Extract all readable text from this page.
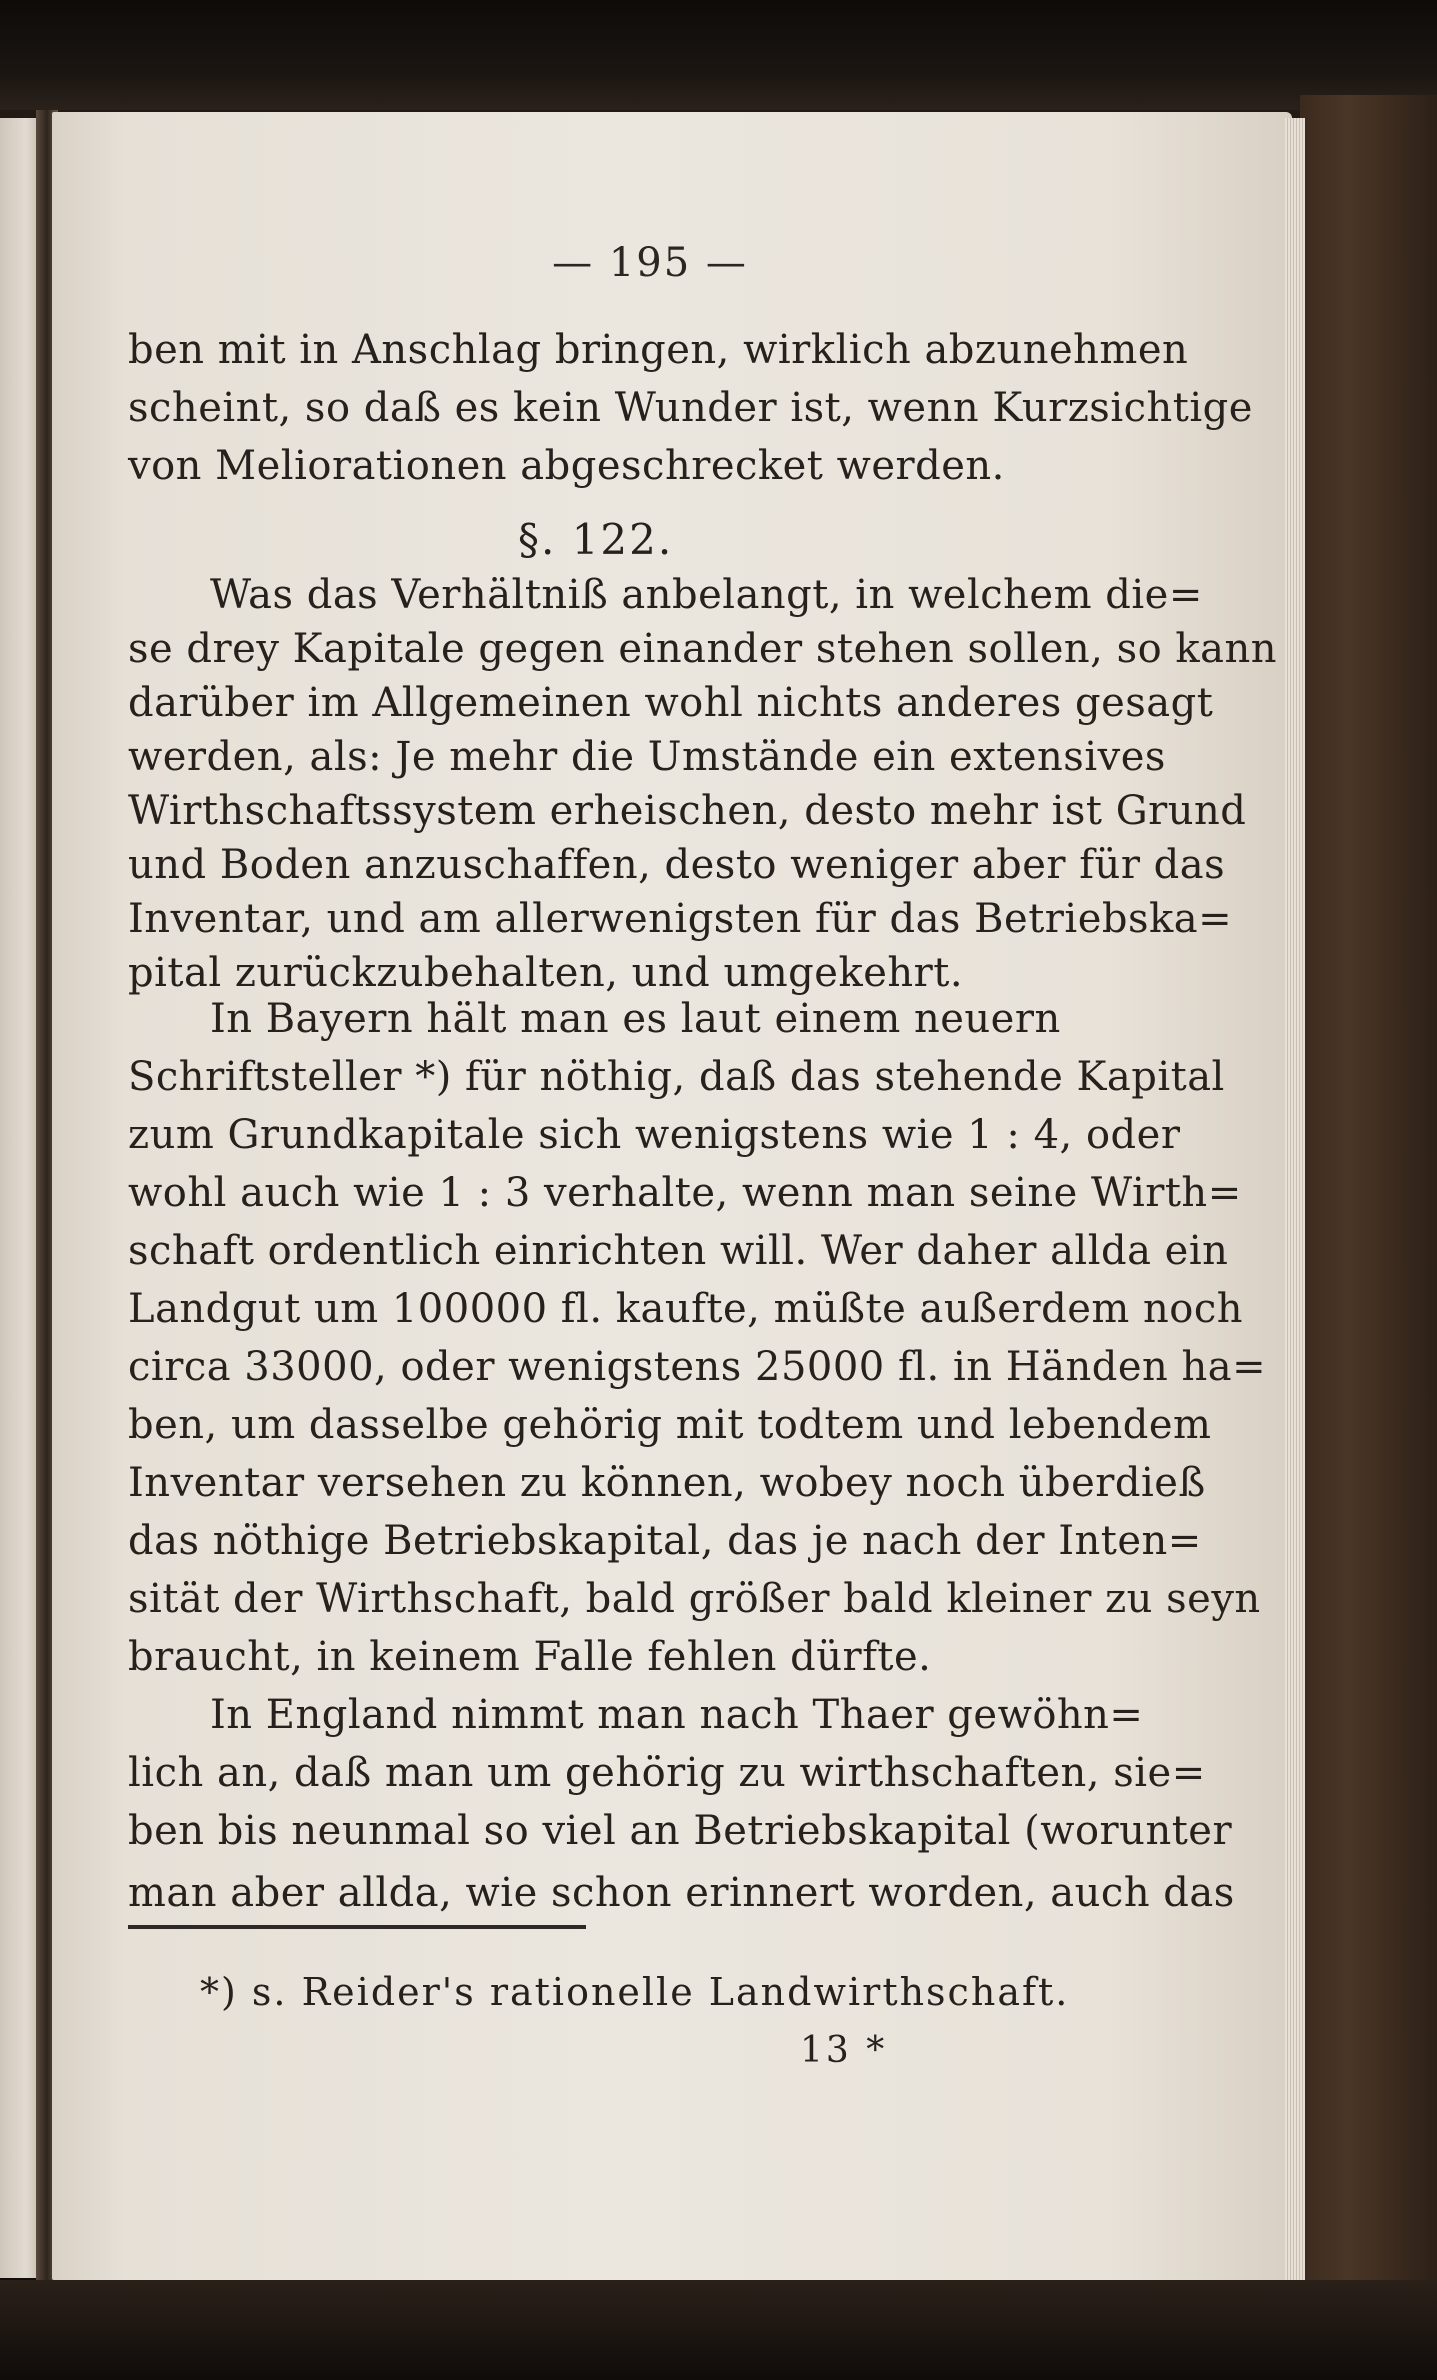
— 195 —
ben mit in Anschlag bringen, wirklich abzunehmen
scheint, so daß es kein Wunder ist, wenn Kurzsichtige
von Meliorationen abgeschrecket werden.
§. 122.
Was das Verhältniß anbelangt, in welchem die=
se drey Kapitale gegen einander stehen sollen, so kann
darüber im Allgemeinen wohl nichts anderes gesagt
werden, als: Je mehr die Umstände ein extensives
Wirthschaftssystem erheischen, desto mehr ist Grund
und Boden anzuschaffen, desto weniger aber für das
Inventar, und am allerwenigsten für das Betriebska=
pital zurückzubehalten, und umgekehrt.
In Bayern hält man es laut einem neuern
Schriftsteller *) für nöthig, daß das stehende Kapital
zum Grundkapitale sich wenigstens wie 1 : 4, oder
wohl auch wie 1 : 3 verhalte, wenn man seine Wirth=
schaft ordentlich einrichten will. Wer daher allda ein
Landgut um 100000 fl. kaufte, müßte außerdem noch
circa 33000, oder wenigstens 25000 fl. in Händen ha=
ben, um dasselbe gehörig mit todtem und lebendem
Inventar versehen zu können, wobey noch überdieß
das nöthige Betriebskapital, das je nach der Inten=
sität der Wirthschaft, bald größer bald kleiner zu seyn
braucht, in keinem Falle fehlen dürfte.
In England nimmt man nach Thaer gewöhn=
lich an, daß man um gehörig zu wirthschaften, sie=
ben bis neunmal so viel an Betriebskapital (worunter
*) s. Reider's rationelle Landwirthschaft.
13 *
man aber allda, wie schon erinnert worden, auch das
